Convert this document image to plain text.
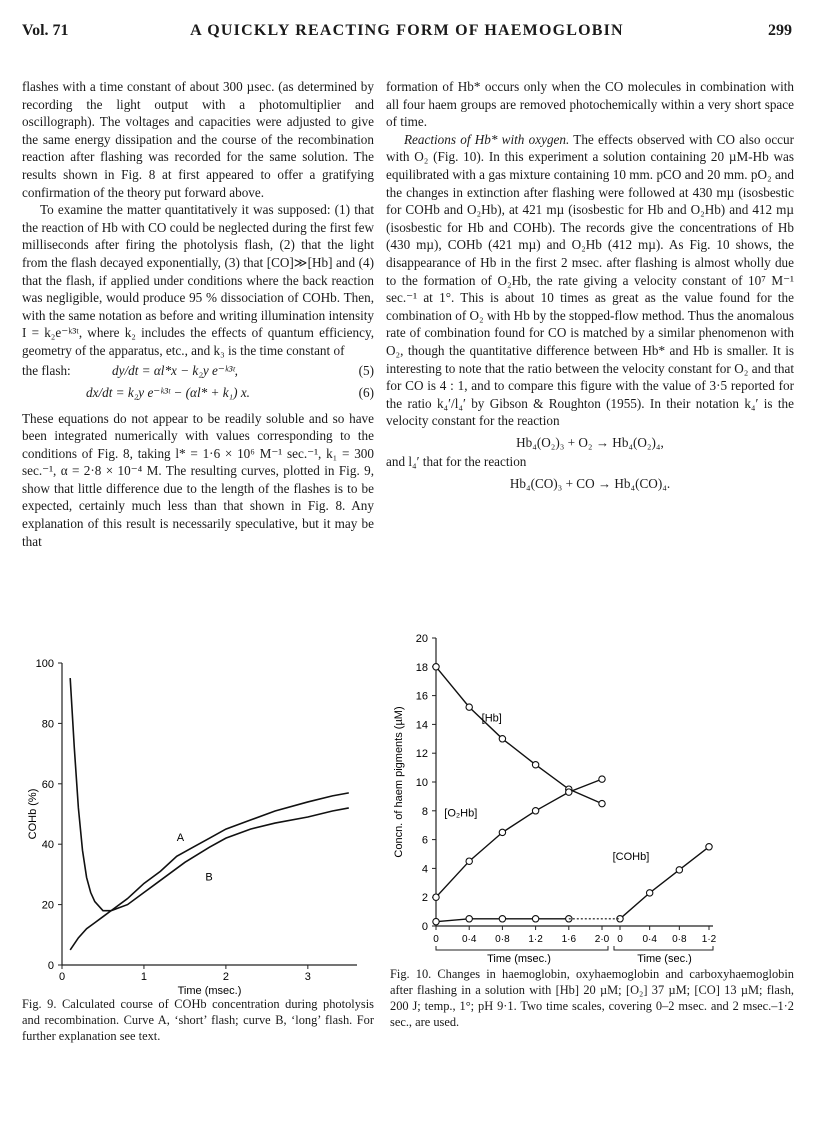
Vol. 71	A QUICKLY REACTING FORM OF HAEMOGLOBIN	299

flashes with a time constant of about 300 µsec. (as determined by recording the light output with a photomultiplier and oscillograph). The voltages and capacities were adjusted to give the same energy dissipation and the course of the recombination reaction after flashing was recorded for the same solution. The results shown in Fig. 8 at first appeared to offer a gratifying confirmation of the theory put forward above.

To examine the matter quantitatively it was supposed: (1) that the reaction of Hb with CO could be neglected during the first few milliseconds after firing the photolysis flash, (2) that the light from the flash decayed exponentially, (3) that [CO]≫[Hb] and (4) that the flash, if applied under conditions where the back reaction was negligible, would produce 95 % dissociation of COHb. Then, with the same notation as before and writing illumination intensity I = k₂e⁻ᵏ³ᵗ, where k₂ includes the effects of quantum efficiency, geometry of the apparatus, etc., and k₃ is the time constant of

the flash:	dy/dt = αl*x − k₂y e⁻ᵏ³ᵗ,	(5)
dx/dt = k₂y e⁻ᵏ³ᵗ − (αl* + k₁) x.	(6)

These equations do not appear to be readily soluble and so have been integrated numerically with values corresponding to the conditions of Fig. 8, taking l* = 1·6 × 10⁶ M⁻¹ sec.⁻¹, k₁ = 300 sec.⁻¹, α = 2·8 × 10⁻⁴ M. The resulting curves, plotted in Fig. 9, show that little difference due to the length of the flashes is to be expected, certainly much less than that shown in Fig. 8. Any explanation of this result is necessarily speculative, but it may be that

formation of Hb* occurs only when the CO molecules in combination with all four haem groups are removed photochemically within a very short space of time.

Reactions of Hb* with oxygen. The effects observed with CO also occur with O₂ (Fig. 10). In this experiment a solution containing 20 µM-Hb was equilibrated with a gas mixture containing 10 mm. pCO and 20 mm. pO₂ and the changes in extinction after flashing were followed at 430 mµ (isosbestic for COHb and O₂Hb), at 421 mµ (isosbestic for Hb and O₂Hb) and 412 mµ (isosbestic for Hb and COHb). The records give the concentrations of Hb (430 mµ), COHb (421 mµ) and O₂Hb (412 mµ). As Fig. 10 shows, the disappearance of Hb in the first 2 msec. after flashing is almost wholly due to the formation of O₂Hb, the rate giving a velocity constant of 10⁷ M⁻¹ sec.⁻¹ at 1°. This is about 10 times as great as the value found for the combination of O₂ with Hb by the stopped-flow method. Thus the anomalous rate of combination found for CO is matched by a similar phenomenon with O₂, though the quantitative difference between Hb* and Hb is smaller. It is interesting to note that the ratio between the velocity constant for O₂ and that for CO is 4 : 1, and to compare this figure with the value of 3·5 reported for the ratio k₄′/l₄′ by Gibson & Roughton (1955). In their notation k₄′ is the velocity constant for the reaction

Hb₄(O₂)₃ + O₂ → Hb₄(O₂)₄,

and l₄′ that for the reaction

Hb₄(CO)₃ + CO → Hb₄(CO)₄.
0
20
40
60
80
100
0	1	2	3
Time (msec.)
COHb (%)	A
B
Fig. 9. Calculated course of COHb concentration during photolysis and recombination. Curve A, ‘short’ flash; curve B, ‘long’ flash. For further explanation see text.
0
2
4
6
8
10
12
14
16
18
20
Concn. of haem pigments (µM)
0 0·4 0·8 1·2 1·6 2·0 0 0·4 0·8 1·2
Time (msec.)	Time (sec.)
[Hb]
[O₂Hb]
[COHb]
Fig. 10. Changes in haemoglobin, oxyhaemoglobin and carboxyhaemoglobin after flashing in a solution with [Hb] 20 µM; [O₂] 37 µM; [CO] 13 µM; flash, 200 J; temp., 1°; pH 9·1. Two time scales, covering 0–2 msec. and 2 msec.–1·2 sec., are used.
